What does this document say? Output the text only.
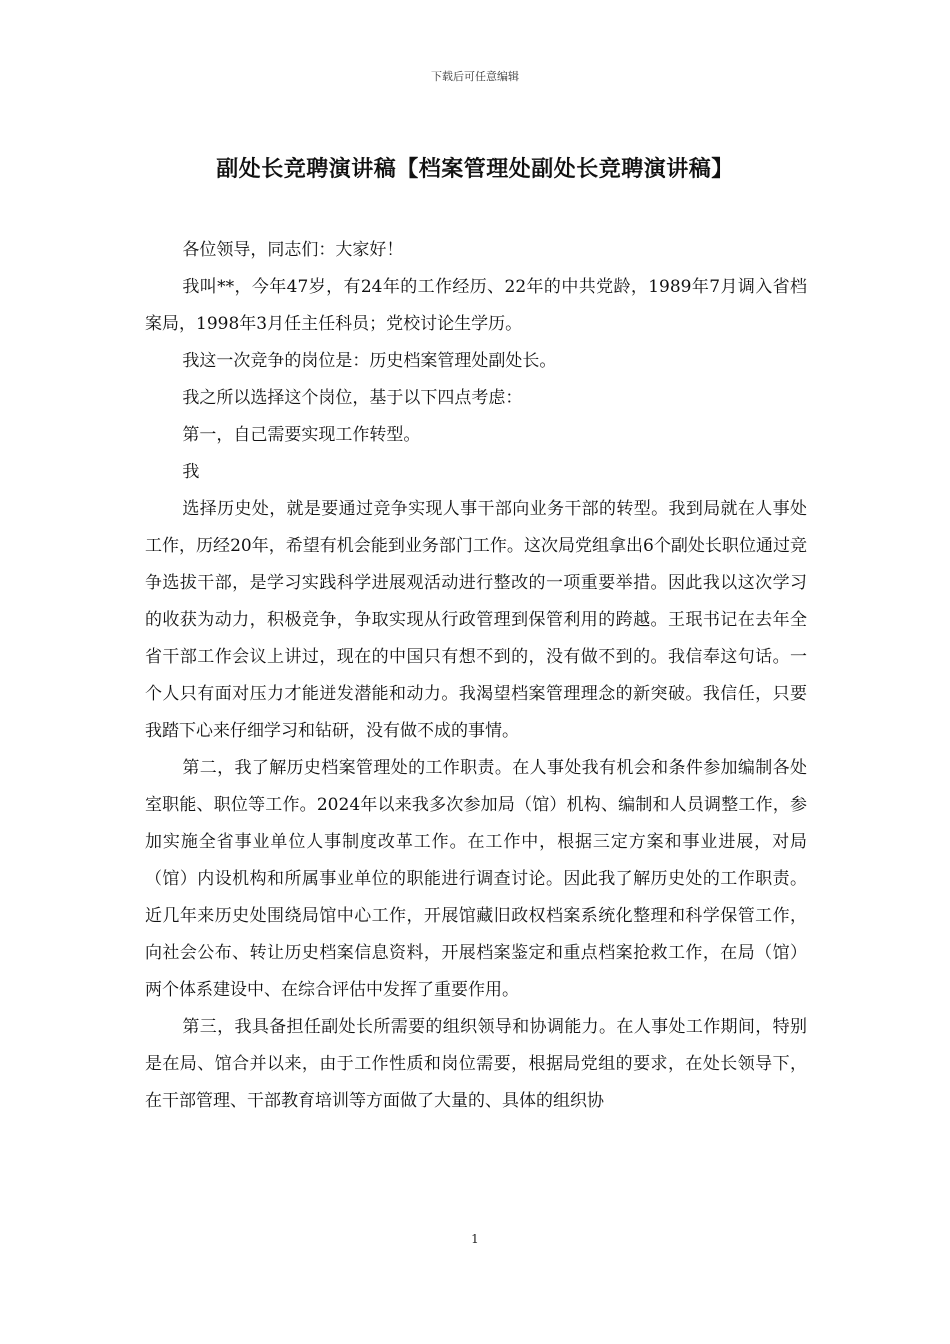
下载后可任意编辑
副处长竞聘演讲稿【档案管理处副处长竞聘演讲稿】

各位领导，同志们：大家好！

我叫**，今年47岁，有24年的工作经历、22年的中共党龄，1989年7月调入省档案局，1998年3月任主任科员；党校讨论生学历。

我这一次竞争的岗位是：历史档案管理处副处长。

我之所以选择这个岗位，基于以下四点考虑：

第一，自己需要实现工作转型。

我

选择历史处，就是要通过竞争实现人事干部向业务干部的转型。我到局就在人事处工作，历经20年，希望有机会能到业务部门工作。这次局党组拿出6个副处长职位通过竞争选拔干部，是学习实践科学进展观活动进行整改的一项重要举措。因此我以这次学习的收获为动力，积极竞争，争取实现从行政管理到保管利用的跨越。王珉书记在去年全省干部工作会议上讲过，现在的中国只有想不到的，没有做不到的。我信奉这句话。一个人只有面对压力才能迸发潜能和动力。我渴望档案管理理念的新突破。我信任，只要我踏下心来仔细学习和钻研，没有做不成的事情。

第二，我了解历史档案管理处的工作职责。在人事处我有机会和条件参加编制各处室职能、职位等工作。2024年以来我多次参加局（馆）机构、编制和人员调整工作，参加实施全省事业单位人事制度改革工作。在工作中，根据三定方案和事业进展，对局（馆）内设机构和所属事业单位的职能进行调查讨论。因此我了解历史处的工作职责。近几年来历史处围绕局馆中心工作，开展馆藏旧政权档案系统化整理和科学保管工作，向社会公布、转让历史档案信息资料，开展档案鉴定和重点档案抢救工作，在局（馆）两个体系建设中、在综合评估中发挥了重要作用。

第三，我具备担任副处长所需要的组织领导和协调能力。在人事处工作期间，特别是在局、馆合并以来，由于工作性质和岗位需要，根据局党组的要求，在处长领导下，在干部管理、干部教育培训等方面做了大量的、具体的组织协

1
